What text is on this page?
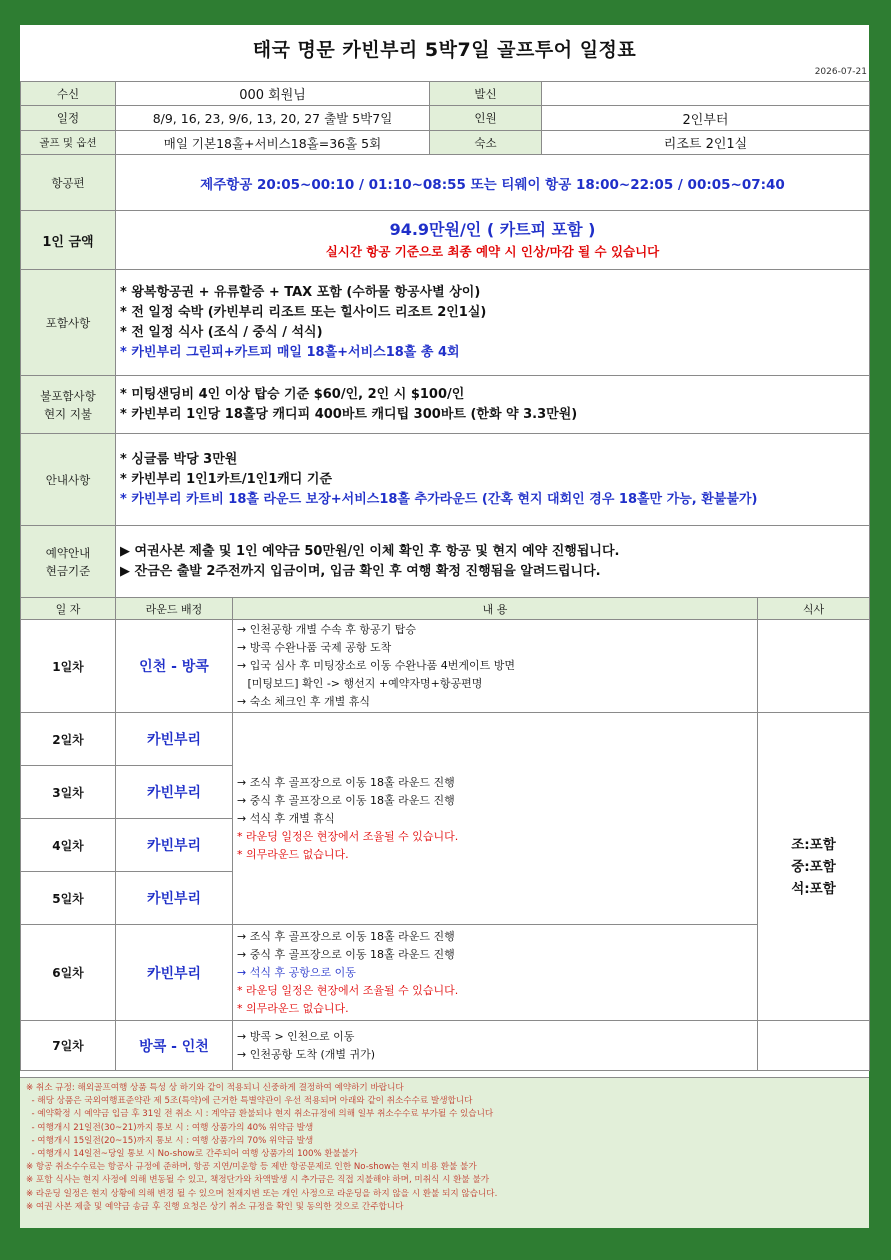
태국 명문 카빈부리 5박7일 골프투어 일정표
2026-07-21
수신	000 회원님		발신		
일정	8/9, 16, 23, 9/6, 13, 20, 27 출발 5박7일		인원	2인부터	
골프 및 옵션	매일 기본18홀+서비스18홀=36홀 5회		숙소	리조트 2인1실	
항공편	제주항공 20:05~00:10 / 01:10~08:55 또는 티웨이 항공 18:00~22:05 / 00:05~07:40				
1인 금액	94.9만원/인 ( 카트피 포함 )
실시간 항공 기준으로 최종 예약 시 인상/마감 될 수 있습니다				

포함사항	* 왕복항공권 + 유류할증 + TAX 포함 (수하물 항공사별 상이)
* 전 일정 숙박 (카빈부리 리조트 또는 힐사이드 리조트 2인1실)
* 전 일정 식사 (조식 / 중식 / 석식)
* 카빈부리 그린피+카트피 매일 18홀+서비스18홀 총 4회				

불포함사항
현지 지불	* 미팅샌딩비 4인 이상 탑승 기준 $60/인, 2인 시 $100/인
* 카빈부리 1인당 18홀당 캐디피 400바트 캐디팁 300바트 (한화 약 3.3만원)				

안내사항	* 싱글룸 박당 3만원
* 카빈부리 1인1카트/1인1캐디 기준
* 카빈부리 카트비 18홀 라운드 보장+서비스18홀 추가라운드 (간혹 현지 대회인 경우 18홀만 가능, 환불불가)				

예약안내
현금기준	▶ 여권사본 제출 및 1인 예약금 50만원/인 이체 확인 후 항공 및 현지 예약 진행됩니다.
▶ 잔금은 출발 2주전까지 입금이며, 입금 확인 후 여행 확정 진행됨을 알려드립니다.				

일 자	라운드 배정	내 용			식사
1일차	인천 - 방콕	→ 인천공항 개별 수속 후 항공기 탑승
→ 방콕 수완나품 국제 공항 도착
→ 입국 심사 후 미팅장소로 이동 수완나품 4번게이트 방면
[미팅보드] 확인 -> 행선지 +예약자명+항공편명
→ 숙소 체크인 후 개별 휴식			

2일차	카빈부리	→ 조식 후 골프장으로 이동 18홀 라운드 진행
→ 중식 후 골프장으로 이동 18홀 라운드 진행
→ 석식 후 개별 휴식
* 라운딩 일정은 현장에서 조율될 수 있습니다.
* 의무라운드 없습니다.			조:포함
중:포함
석:포함

3일차	카빈부리				
4일차	카빈부리				
5일차	카빈부리				
6일차	카빈부리	→ 조식 후 골프장으로 이동 18홀 라운드 진행
→ 중식 후 골프장으로 이동 18홀 라운드 진행
→ 석식 후 공항으로 이동
* 라운딩 일정은 현장에서 조율될 수 있습니다.
* 의무라운드 없습니다.			

7일차	방콕 - 인천	→ 방콕 > 인천으로 이동
→ 인천공항 도착 (개별 귀가)			

※ 취소 규정: 해외골프여행 상품 특성 상 하기와 같이 적용되니 신중하게 결정하여 예약하기 바랍니다
- 해당 상품은 국외여행표준약관 제 5조(특약)에 근거한 특별약관이 우선 적용되며 아래와 같이 취소수수료 발생합니다
- 예약확정 시 예약금 입금 후 31일 전 취소 시 : 계약금 환불되나 현지 취소규정에 의해 일부 취소수수료 부가될 수 있습니다
- 여행개시 21일전(30~21)까지 통보 시 : 여행 상품가의 40% 위약금 발생
- 여행개시 15일전(20~15)까지 통보 시 : 여행 상품가의 70% 위약금 발생
- 여행개시 14일전~당일 통보 시 No-show로 간주되어 여행 상품가의 100% 환불불가
※ 항공 취소수수료는 항공사 규정에 준하며, 항공 지연/미운항 등 제반 항공문제로 인한 No-show는 현지 비용 환불 불가
※ 포함 식사는 현지 사정에 의해 변동될 수 있고, 책정단가와 차액발생 시 추가금은 직접 지불해야 하며, 미취식 시 환불 불가
※ 라운딩 일정은 현지 상황에 의해 변경 될 수 있으며 천재지변 또는 개인 사정으로 라운딩을 하지 않을 시 환불 되지 않습니다.
※ 여권 사본 제출 및 예약금 송금 후 진행 요청은 상기 취소 규정을 확인 및 동의한 것으로 간주합니다
